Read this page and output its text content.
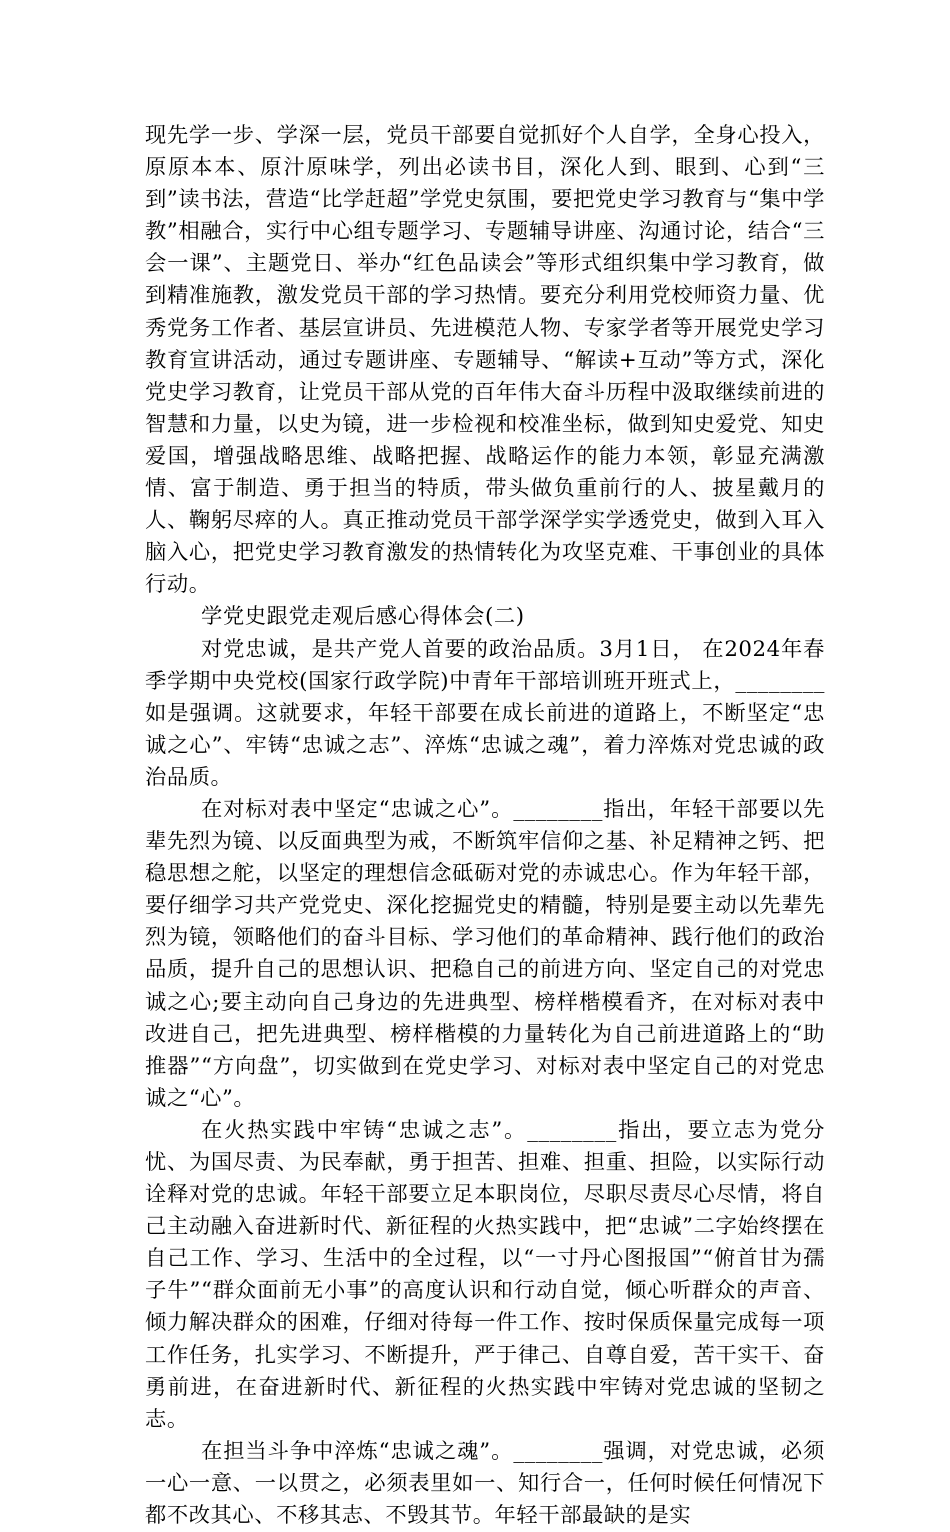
现先学一步、学深一层，党员干部要自觉抓好个人自学，全身心投入，原原本本、原汁原味学，列出必读书目，深化人到、眼到、心到“三到”读书法，营造“比学赶超”学党史氛围，要把党史学习教育与“集中学教”相融合，实行中心组专题学习、专题辅导讲座、沟通讨论，结合“三会一课”、主题党日、举办“红色品读会”等形式组织集中学习教育，做到精准施教，激发党员干部的学习热情。要充分利用党校师资力量、优秀党务工作者、基层宣讲员、先进模范人物、专家学者等开展党史学习教育宣讲活动，通过专题讲座、专题辅导、“解读+互动”等方式，深化党史学习教育，让党员干部从党的百年伟大奋斗历程中汲取继续前进的智慧和力量，以史为镜，进一步检视和校准坐标，做到知史爱党、知史爱国，增强战略思维、战略把握、战略运作的能力本领，彰显充满激情、富于制造、勇于担当的特质，带头做负重前行的人、披星戴月的人、鞠躬尽瘁的人。真正推动党员干部学深学实学透党史，做到入耳入脑入心，把党史学习教育激发的热情转化为攻坚克难、干事创业的具体行动。

学党史跟党走观后感心得体会(二)

对党忠诚，是共产党人首要的政治品质。3月1日， 在2024年春季学期中央党校(国家行政学院)中青年干部培训班开班式上，________如是强调。这就要求，年轻干部要在成长前进的道路上，不断坚定“忠诚之心”、牢铸“忠诚之志”、淬炼“忠诚之魂”，着力淬炼对党忠诚的政治品质。

在对标对表中坚定“忠诚之心”。________指出，年轻干部要以先辈先烈为镜、以反面典型为戒，不断筑牢信仰之基、补足精神之钙、把稳思想之舵，以坚定的理想信念砥砺对党的赤诚忠心。作为年轻干部，要仔细学习共产党党史、深化挖掘党史的精髓，特别是要主动以先辈先烈为镜，领略他们的奋斗目标、学习他们的革命精神、践行他们的政治品质，提升自己的思想认识、把稳自己的前进方向、坚定自己的对党忠诚之心;要主动向自己身边的先进典型、榜样楷模看齐，在对标对表中改进自己，把先进典型、榜样楷模的力量转化为自己前进道路上的“助推器”“方向盘”，切实做到在党史学习、对标对表中坚定自己的对党忠诚之“心”。

在火热实践中牢铸“忠诚之志”。________指出，要立志为党分忧、为国尽责、为民奉献，勇于担苦、担难、担重、担险，以实际行动诠释对党的忠诚。年轻干部要立足本职岗位，尽职尽责尽心尽情，将自己主动融入奋进新时代、新征程的火热实践中，把“忠诚”二字始终摆在自己工作、学习、生活中的全过程，以“一寸丹心图报国”“俯首甘为孺子牛”“群众面前无小事”的高度认识和行动自觉，倾心听群众的声音、倾力解决群众的困难，仔细对待每一件工作、按时保质保量完成每一项工作任务，扎实学习、不断提升，严于律己、自尊自爱，苦干实干、奋勇前进，在奋进新时代、新征程的火热实践中牢铸对党忠诚的坚韧之志。

在担当斗争中淬炼“忠诚之魂”。________强调，对党忠诚，必须一心一意、一以贯之，必须表里如一、知行合一，任何时候任何情况下都不改其心、不移其志、不毁其节。年轻干部最缺的是实
